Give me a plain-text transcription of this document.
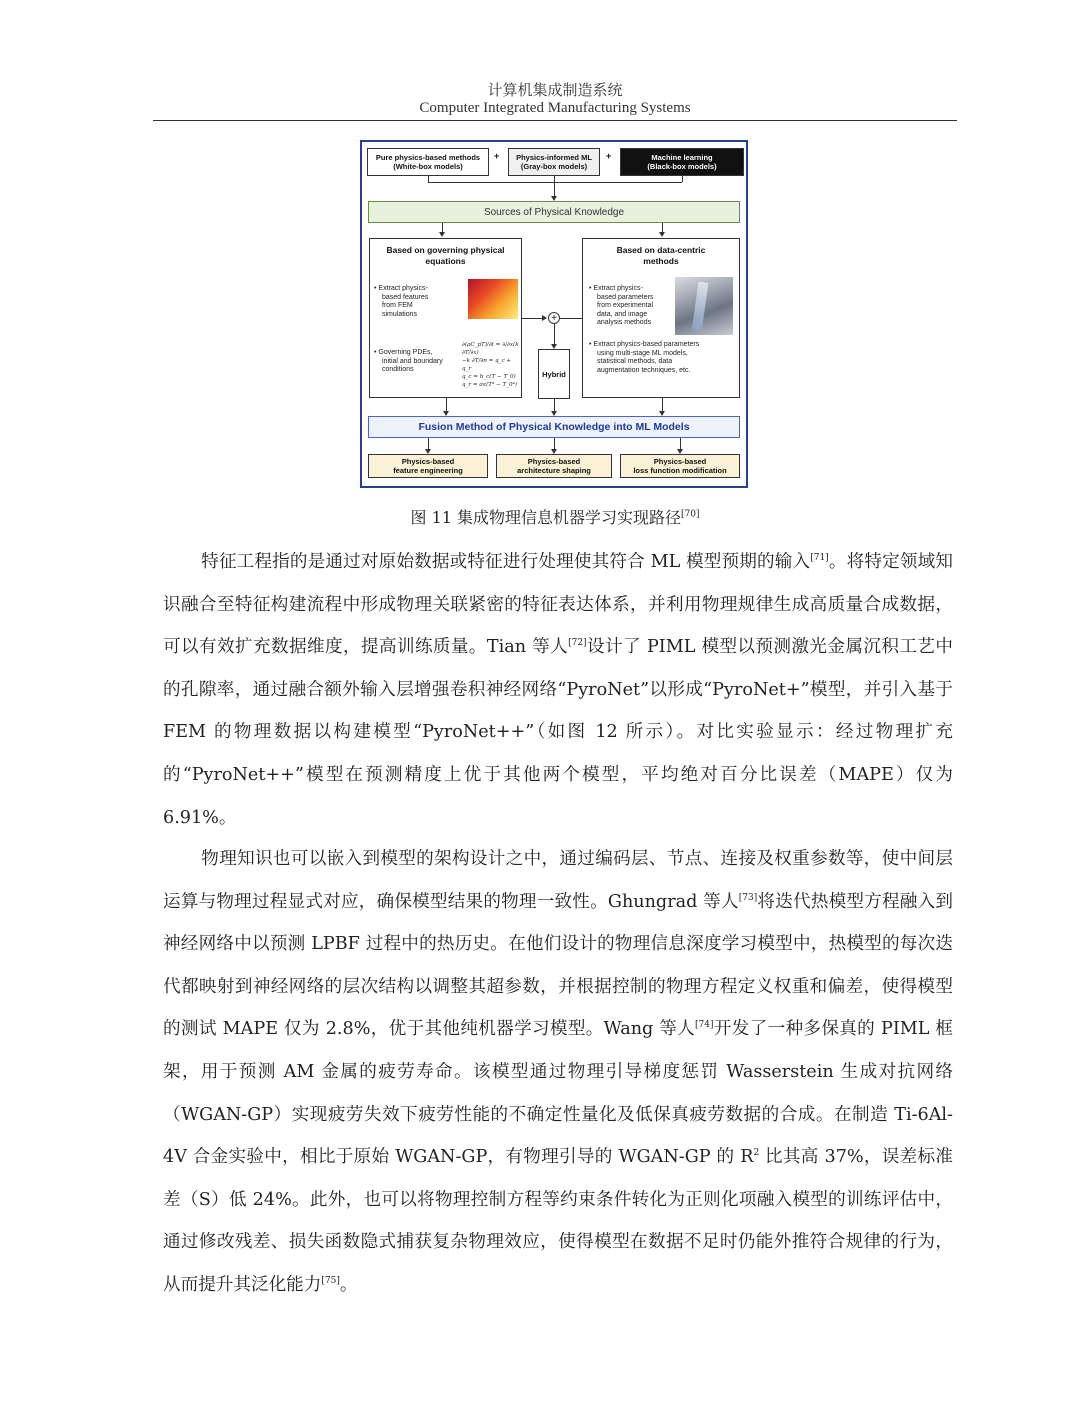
计算机集成制造系统
Computer Integrated Manufacturing Systems
Pure physics-based methods
(White-box models)
+ Physics-informed ML
(Gray-box models)
+	Machine learning
(Black-box models)
Sources of Physical Knowledge
Based on governing physical
equations
• Extract physics-
based features
from FEM
simulations
• Governing PDEs,
initial and boundary
conditions
∂(ρC_pT)/∂t = ∂/∂x(k ∂T/∂x)
−k ∂T/∂n = q_c + q_r
q_c = h_c(T − T_0)
q_r = σε(T⁴ − T_0⁴)
+
Hybrid
Based on data-centric
methods
• Extract physics-
based parameters
from experimental
data, and image
analysis methods
• Extract physics-based parameters
using multi-stage ML models,
statistical methods, data
augmentation techniques, etc.
Fusion Method of Physical Knowledge into ML Models
Physics-based
feature engineering
Physics-based
architecture shaping
Physics-based
loss function modification
图 11 集成物理信息机器学习实现路径[70]
特征工程指的是通过对原始数据或特征进行处理使其符合 ML 模型预期的输入[71]。将特定领域知识融合至特征构建流程中形成物理关联紧密的特征表达体系，并利用物理规律生成高质量合成数据，可以有效扩充数据维度，提高训练质量。Tian 等人[72]设计了 PIML 模型以预测激光金属沉积工艺中的孔隙率，通过融合额外输入层增强卷积神经网络“PyroNet”以形成“PyroNet+”模型，并引入基于 FEM 的物理数据以构建模型“PyroNet++”（如图 12 所示）。对比实验显示：经过物理扩充的“PyroNet++”模型在预测精度上优于其他两个模型，平均绝对百分比误差（MAPE）仅为 6.91%。
物理知识也可以嵌入到模型的架构设计之中，通过编码层、节点、连接及权重参数等，使中间层运算与物理过程显式对应，确保模型结果的物理一致性。Ghungrad 等人[73]将迭代热模型方程融入到神经网络中以预测 LPBF 过程中的热历史。在他们设计的物理信息深度学习模型中，热模型的每次迭代都映射到神经网络的层次结构以调整其超参数，并根据控制的物理方程定义权重和偏差，使得模型的测试 MAPE 仅为 2.8%，优于其他纯机器学习模型。Wang 等人[74]开发了一种多保真的 PIML 框架，用于预测 AM 金属的疲劳寿命。该模型通过物理引导梯度惩罚 Wasserstein 生成对抗网络（WGAN-GP）实现疲劳失效下疲劳性能的不确定性量化及低保真疲劳数据的合成。在制造 Ti-6Al-4V 合金实验中，相比于原始 WGAN-GP，有物理引导的 WGAN-GP 的 $R^2$ 比其高 37%，误差标准差（S）低 24%。此外，也可以将物理控制方程等约束条件转化为正则化项融入模型的训练评估中，通过修改残差、损失函数隐式捕获复杂物理效应，使得模型在数据不足时仍能外推符合规律的行为，从而提升其泛化能力[75]。
